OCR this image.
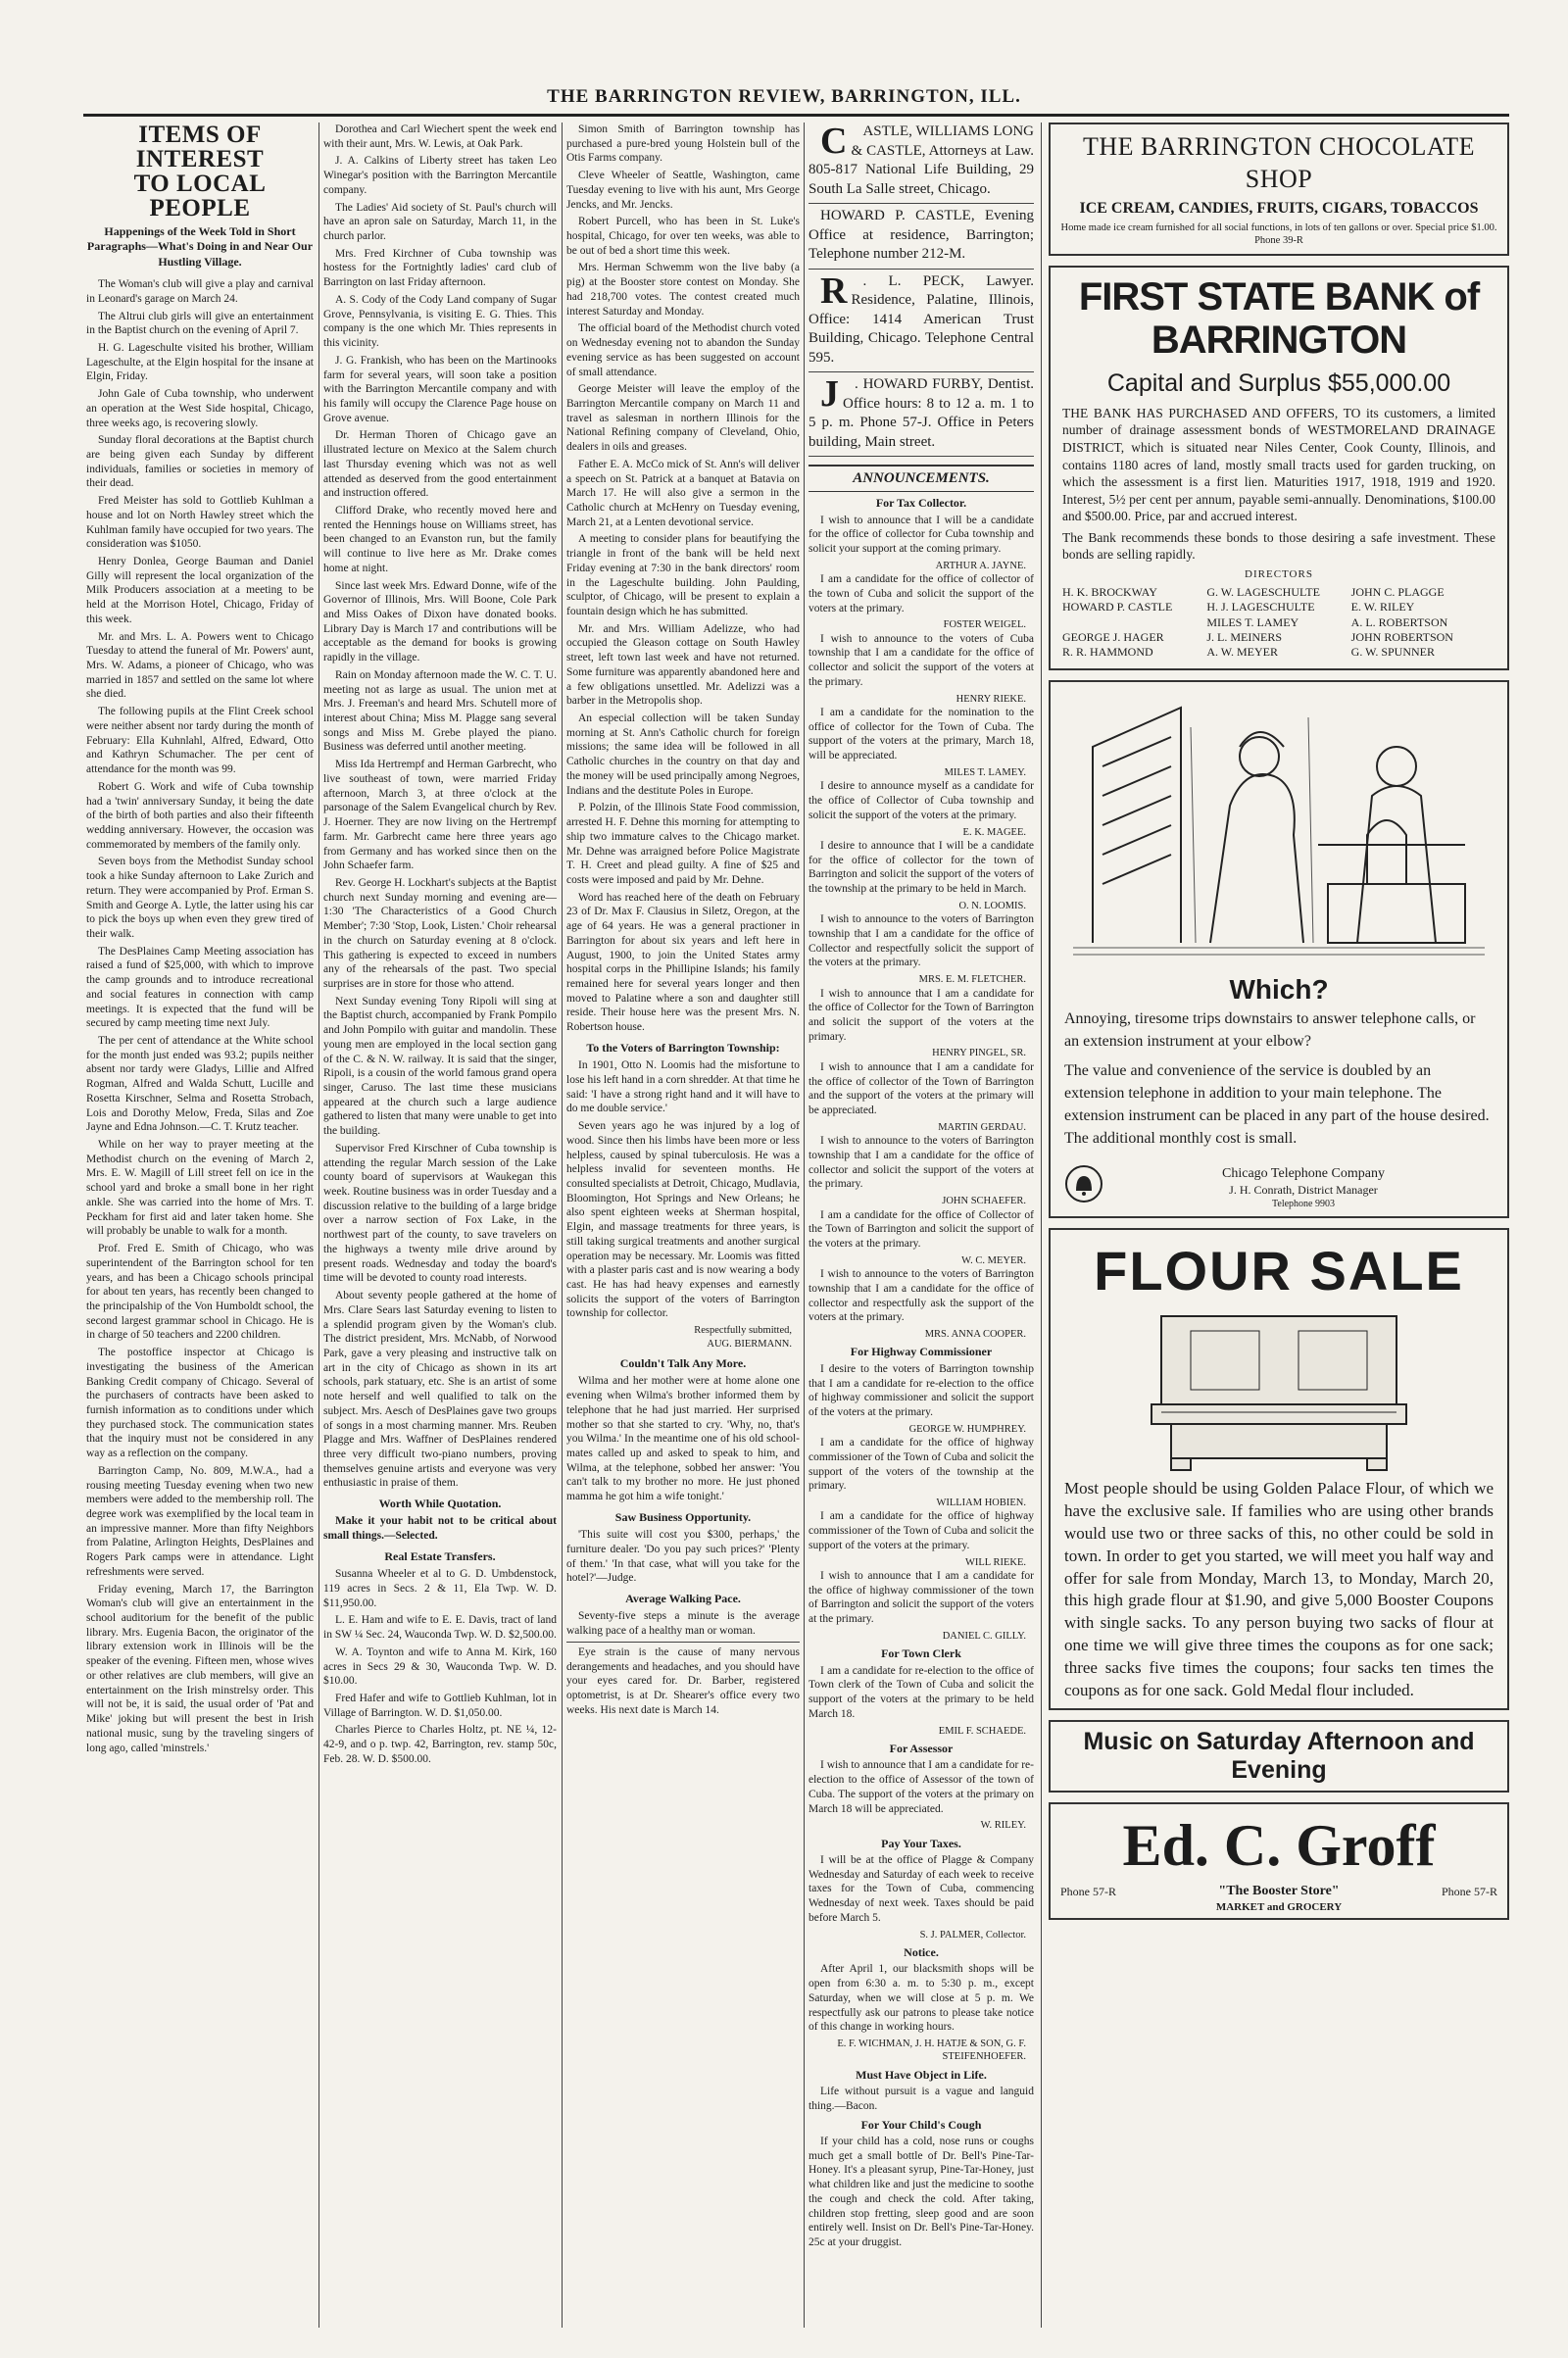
THE BARRINGTON REVIEW, BARRINGTON, ILL.
ITEMS OF INTEREST
TO LOCAL PEOPLE
Happenings of the Week Told in Short Paragraphs—What's Doing in and Near Our Hustling Village.

The Woman's club will give a play and carnival in Leonard's garage on March 24.

The Altrui club girls will give an entertainment in the Baptist church on the evening of April 7.

H. G. Lageschulte visited his brother, William Lageschulte, at the Elgin hospital for the insane at Elgin, Friday.

John Gale of Cuba township, who underwent an operation at the West Side hospital, Chicago, three weeks ago, is recovering slowly.

Sunday floral decorations at the Baptist church are being given each Sunday by different individuals, families or societies in memory of their dead.

Fred Meister has sold to Gottlieb Kuhlman a house and lot on North Hawley street which the Kuhlman family have occupied for two years. The consideration was $1050.

Henry Donlea, George Bauman and Daniel Gilly will represent the local organization of the Milk Producers association at a meeting to be held at the Morrison Hotel, Chicago, Friday of this week.

Mr. and Mrs. L. A. Powers went to Chicago Tuesday to attend the funeral of Mr. Powers' aunt, Mrs. W. Adams, a pioneer of Chicago, who was married in 1857 and settled on the same lot where she died.

The following pupils at the Flint Creek school were neither absent nor tardy during the month of February: Ella Kuhnlahl, Alfred, Edward, Otto and Kathryn Schumacher. The per cent of attendance for the month was 99.

Robert G. Work and wife of Cuba township had a 'twin' anniversary Sunday, it being the date of the birth of both parties and also their fifteenth wedding anniversary. However, the occasion was commemorated by members of the family only.

Seven boys from the Methodist Sunday school took a hike Sunday afternoon to Lake Zurich and return. They were accompanied by Prof. Erman S. Smith and George A. Lytle, the latter using his car to pick the boys up when even they grew tired of their walk.

The DesPlaines Camp Meeting association has raised a fund of $25,000, with which to improve the camp grounds and to introduce recreational and social features in connection with camp meetings. It is expected that the fund will be secured by camp meeting time next July.

The per cent of attendance at the White school for the month just ended was 93.2; pupils neither absent nor tardy were Gladys, Lillie and Alfred Rogman, Alfred and Walda Schutt, Lucille and Rosetta Kirschner, Selma and Rosetta Strobach, Lois and Dorothy Melow, Freda, Silas and Zoe Jayne and Edna Johnson.—C. T. Krutz teacher.

While on her way to prayer meeting at the Methodist church on the evening of March 2, Mrs. E. W. Magill of Lill street fell on ice in the school yard and broke a small bone in her right ankle. She was carried into the home of Mrs. T. Peckham for first aid and later taken home. She will probably be unable to walk for a month.

Prof. Fred E. Smith of Chicago, who was superintendent of the Barrington school for ten years, and has been a Chicago schools principal for about ten years, has recently been changed to the principalship of the Von Humboldt school, the second largest grammar school in Chicago. He is in charge of 50 teachers and 2200 children.

The postoffice inspector at Chicago is investigating the business of the American Banking Credit company of Chicago. Several of the purchasers of contracts have been asked to furnish information as to conditions under which they purchased stock. The communication states that the inquiry must not be considered in any way as a reflection on the company.

Barrington Camp, No. 809, M.W.A., had a rousing meeting Tuesday evening when two new members were added to the membership roll. The degree work was exemplified by the local team in an impressive manner. More than fifty Neighbors from Palatine, Arlington Heights, DesPlaines and Rogers Park camps were in attendance. Light refreshments were served.

Friday evening, March 17, the Barrington Woman's club will give an entertainment in the school auditorium for the benefit of the public library. Mrs. Eugenia Bacon, the originator of the library extension work in Illinois will be the speaker of the evening. Fifteen men, whose wives or other relatives are club members, will give an entertainment on the Irish minstrelsy order. This will not be, it is said, the usual order of 'Pat and Mike' joking but will present the best in Irish national music, sung by the traveling singers of long ago, called 'minstrels.'

Dorothea and Carl Wiechert spent the week end with their aunt, Mrs. W. Lewis, at Oak Park.

J. A. Calkins of Liberty street has taken Leo Winegar's position with the Barrington Mercantile company.

The Ladies' Aid society of St. Paul's church will have an apron sale on Saturday, March 11, in the church parlor.

Mrs. Fred Kirchner of Cuba township was hostess for the Fortnightly ladies' card club of Barrington on last Friday afternoon.

A. S. Cody of the Cody Land company of Sugar Grove, Pennsylvania, is visiting E. G. Thies. This company is the one which Mr. Thies represents in this vicinity.

J. G. Frankish, who has been on the Martinooks farm for several years, will soon take a position with the Barrington Mercantile company and with his family will occupy the Clarence Page house on Grove avenue.

Dr. Herman Thoren of Chicago gave an illustrated lecture on Mexico at the Salem church last Thursday evening which was not as well attended as deserved from the good entertainment and instruction offered.

Clifford Drake, who recently moved here and rented the Hennings house on Williams street, has been changed to an Evanston run, but the family will continue to live here as Mr. Drake comes home at night.

Since last week Mrs. Edward Donne, wife of the Governor of Illinois, Mrs. Will Boone, Cole Park and Miss Oakes of Dixon have donated books. Library Day is March 17 and contributions will be acceptable as the demand for books is growing rapidly in the village.

Rain on Monday afternoon made the W. C. T. U. meeting not as large as usual. The union met at Mrs. J. Freeman's and heard Mrs. Schutell more of interest about China; Miss M. Plagge sang several songs and Miss M. Grebe played the piano. Business was deferred until another meeting.

Miss Ida Hertrempf and Herman Garbrecht, who live southeast of town, were married Friday afternoon, March 3, at three o'clock at the parsonage of the Salem Evangelical church by Rev. J. Hoerner. They are now living on the Hertrempf farm. Mr. Garbrecht came here three years ago from Germany and has worked since then on the John Schaefer farm.

Rev. George H. Lockhart's subjects at the Baptist church next Sunday morning and evening are—1:30 'The Characteristics of a Good Church Member'; 7:30 'Stop, Look, Listen.' Choir rehearsal in the church on Saturday evening at 8 o'clock. This gathering is expected to exceed in numbers any of the rehearsals of the past. Two special surprises are in store for those who attend.

Next Sunday evening Tony Ripoli will sing at the Baptist church, accompanied by Frank Pompilo and John Pompilo with guitar and mandolin. These young men are employed in the local section gang of the C. & N. W. railway. It is said that the singer, Ripoli, is a cousin of the world famous grand opera singer, Caruso. The last time these musicians appeared at the church such a large audience gathered to listen that many were unable to get into the building.

Supervisor Fred Kirschner of Cuba township is attending the regular March session of the Lake county board of supervisors at Waukegan this week. Routine business was in order Tuesday and a discussion relative to the building of a large bridge over a narrow section of Fox Lake, in the northwest part of the county, to save travelers on the highways a twenty mile drive around by present roads. Wednesday and today the board's time will be devoted to county road interests.

About seventy people gathered at the home of Mrs. Clare Sears last Saturday evening to listen to a splendid program given by the Woman's club. The district president, Mrs. McNabb, of Norwood Park, gave a very pleasing and instructive talk on art in the city of Chicago as shown in its art schools, park statuary, etc. She is an artist of some note herself and well qualified to talk on the subject. Mrs. Aesch of DesPlaines gave two groups of songs in a most charming manner. Mrs. Reuben Plagge and Mrs. Waffner of DesPlaines rendered three very difficult two-piano numbers, proving themselves genuine artists and everyone was very enthusiastic in praise of them.

Worth While Quotation.

Make it your habit not to be critical about small things.—Selected.

Real Estate Transfers.

Susanna Wheeler et al to G. D. Umbdenstock, 119 acres in Secs. 2 & 11, Ela Twp. W. D. $11,950.00.

L. E. Ham and wife to E. E. Davis, tract of land in SW ¼ Sec. 24, Wauconda Twp. W. D. $2,500.00.

W. A. Toynton and wife to Anna M. Kirk, 160 acres in Secs 29 & 30, Wauconda Twp. W. D. $10.00.

Fred Hafer and wife to Gottlieb Kuhlman, lot in Village of Barrington. W. D. $1,050.00.

Charles Pierce to Charles Holtz, pt. NE ¼, 12-42-9, and o p. twp. 42, Barrington, rev. stamp 50c, Feb. 28. W. D. $500.00.

Simon Smith of Barrington township has purchased a pure-bred young Holstein bull of the Otis Farms company.

Cleve Wheeler of Seattle, Washington, came Tuesday evening to live with his aunt, Mrs George Jencks, and Mr. Jencks.

Robert Purcell, who has been in St. Luke's hospital, Chicago, for over ten weeks, was able to be out of bed a short time this week.

Mrs. Herman Schwemm won the live baby (a pig) at the Booster store contest on Monday. She had 218,700 votes. The contest created much interest Saturday and Monday.

The official board of the Methodist church voted on Wednesday evening not to abandon the Sunday evening service as has been suggested on account of small attendance.

George Meister will leave the employ of the Barrington Mercantile company on March 11 and travel as salesman in northern Illinois for the National Refining company of Cleveland, Ohio, dealers in oils and greases.

Father E. A. McCo mick of St. Ann's will deliver a speech on St. Patrick at a banquet at Batavia on March 17. He will also give a sermon in the Catholic church at McHenry on Tuesday evening, March 21, at a Lenten devotional service.

A meeting to consider plans for beautifying the triangle in front of the bank will be held next Friday evening at 7:30 in the bank directors' room in the Lageschulte building. John Paulding, sculptor, of Chicago, will be present to explain a fountain design which he has submitted.

Mr. and Mrs. William Adelizze, who had occupied the Gleason cottage on South Hawley street, left town last week and have not returned. Some furniture was apparently abandoned here and a few obligations unsettled. Mr. Adelizzi was a barber in the Metropolis shop.

An especial collection will be taken Sunday morning at St. Ann's Catholic church for foreign missions; the same idea will be followed in all Catholic churches in the country on that day and the money will be used principally among Negroes, Indians and the destitute Poles in Europe.

P. Polzin, of the Illinois State Food commission, arrested H. F. Dehne this morning for attempting to ship two immature calves to the Chicago market. Mr. Dehne was arraigned before Police Magistrate T. H. Creet and plead guilty. A fine of $25 and costs were imposed and paid by Mr. Dehne.

Word has reached here of the death on February 23 of Dr. Max F. Clausius in Siletz, Oregon, at the age of 64 years. He was a general practioner in Barrington for about six years and left here in August, 1900, to join the United States army hospital corps in the Phillipine Islands; his family remained here for several years longer and then moved to Palatine where a son and daughter still reside. Their house here was the present Mrs. N. Robertson house.

To the Voters of Barrington Township:

In 1901, Otto N. Loomis had the misfortune to lose his left hand in a corn shredder. At that time he said: 'I have a strong right hand and it will have to do me double service.'

Seven years ago he was injured by a log of wood. Since then his limbs have been more or less helpless, caused by spinal tuberculosis. He was a helpless invalid for seventeen months. He consulted specialists at Detroit, Chicago, Mudlavia, Bloomington, Hot Springs and New Orleans; he also spent eighteen weeks at Sherman hospital, Elgin, and massage treatments for three years, is still taking surgical treatments and another surgical operation may be necessary. Mr. Loomis was fitted with a plaster paris cast and is now wearing a body cast. He has had heavy expenses and earnestly solicits the support of the voters of Barrington township for collector.

Respectfully submitted,
AUG. BIERMANN.
Couldn't Talk Any More.

Wilma and her mother were at home alone one evening when Wilma's brother informed them by telephone that he had just married. Her surprised mother so that she started to cry. 'Why, no, that's you Wilma.' In the meantime one of his old school-mates called up and asked to speak to him, and Wilma, at the telephone, sobbed her answer: 'You can't talk to my brother no more. He just phoned mamma he got him a wife tonight.'

Saw Business Opportunity.

'This suite will cost you $300, perhaps,' the furniture dealer. 'Do you pay such prices?' 'Plenty of them.' 'In that case, what will you take for the hotel?'—Judge.

Average Walking Pace.

Seventy-five steps a minute is the average walking pace of a healthy man or woman.

Eye strain is the cause of many nervous derangements and headaches, and you should have your eyes cared for. Dr. Barber, registered optometrist, is at Dr. Shearer's office every two weeks. His next date is March 14.

C ASTLE, WILLIAMS LONG & CASTLE, Attorneys at Law. 805-817 National Life Building, 29 South La Salle street, Chicago.

HOWARD P. CASTLE, Evening Office at residence, Barrington; Telephone number 212-M.

R . L. PECK, Lawyer. Residence, Palatine, Illinois, Office: 1414 American Trust Building, Chicago. Telephone Central 595.

J . HOWARD FURBY, Dentist. Office hours: 8 to 12 a. m. 1 to 5 p. m. Phone 57-J. Office in Peters building, Main street.

ANNOUNCEMENTS.
For Tax Collector.

I wish to announce that I will be a candidate for the office of collector for Cuba township and solicit your support at the coming primary.

ARTHUR A. JAYNE.

I am a candidate for the office of collector of the town of Cuba and solicit the support of the voters at the primary.

FOSTER WEIGEL.

I wish to announce to the voters of Cuba township that I am a candidate for the office of collector and solicit the support of the voters at the primary.

HENRY RIEKE.

I am a candidate for the nomination to the office of collector for the Town of Cuba. The support of the voters at the primary, March 18, will be appreciated.

MILES T. LAMEY.

I desire to announce myself as a candidate for the office of Collector of Cuba township and solicit the support of the voters at the primary.

E. K. MAGEE.

I desire to announce that I will be a candidate for the office of collector for the town of Barrington and solicit the support of the voters of the township at the primary to be held in March.

O. N. LOOMIS.

I wish to announce to the voters of Barrington township that I am a candidate for the office of Collector and respectfully solicit the support of the voters at the primary.

MRS. E. M. FLETCHER.

I wish to announce that I am a candidate for the office of Collector for the Town of Barrington and solicit the support of the voters at the primary.

HENRY PINGEL, SR.

I wish to announce that I am a candidate for the office of collector of the Town of Barrington and the support of the voters at the primary will be appreciated.

MARTIN GERDAU.

I wish to announce to the voters of Barrington township that I am a candidate for the office of collector and solicit the support of the voters at the primary.

JOHN SCHAEFER.

I am a candidate for the office of Collector of the Town of Barrington and solicit the support of the voters at the primary.

W. C. MEYER.

I wish to announce to the voters of Barrington township that I am a candidate for the office of collector and respectfully ask the support of the voters at the primary.

MRS. ANNA COOPER.
For Highway Commissioner

I desire to the voters of Barrington township that I am a candidate for re-election to the office of highway commissioner and solicit the support of the voters at the primary.

GEORGE W. HUMPHREY.

I am a candidate for the office of highway commissioner of the Town of Cuba and solicit the support of the voters of the township at the primary.

WILLIAM HOBIEN.

I am a candidate for the office of highway commissioner of the Town of Cuba and solicit the support of the voters at the primary.

WILL RIEKE.

I wish to announce that I am a candidate for the office of highway commissioner of the town of Barrington and solicit the support of the voters at the primary.

DANIEL C. GILLY.
For Town Clerk

I am a candidate for re-election to the office of Town clerk of the Town of Cuba and solicit the support of the voters at the primary to be held March 18.

EMIL F. SCHAEDE.
For Assessor

I wish to announce that I am a candidate for re-election to the office of Assessor of the town of Cuba. The support of the voters at the primary on March 18 will be appreciated.

W. RILEY.
Pay Your Taxes.

I will be at the office of Plagge & Company Wednesday and Saturday of each week to receive taxes for the Town of Cuba, commencing Wednesday of next week. Taxes should be paid before March 5.

S. J. PALMER, Collector.
Notice.

After April 1, our blacksmith shops will be open from 6:30 a. m. to 5:30 p. m., except Saturday, when we will close at 5 p. m. We respectfully ask our patrons to please take notice of this change in working hours.

E. F. WICHMAN, J. H. HATJE & SON, G. F. STEIFENHOEFER.
Must Have Object in Life.

Life without pursuit is a vague and languid thing.—Bacon.

For Your Child's Cough

If your child has a cold, nose runs or coughs much get a small bottle of Dr. Bell's Pine-Tar-Honey. It's a pleasant syrup, Pine-Tar-Honey, just what children like and just the medicine to soothe the cough and check the cold. After taking, children stop fretting, sleep good and are soon entirely well. Insist on Dr. Bell's Pine-Tar-Honey. 25c at your druggist.

THE BARRINGTON CHOCOLATE SHOP
ICE CREAM, CANDIES, FRUITS, CIGARS, TOBACCOS
Home made ice cream furnished for all social functions, in lots of ten gallons or over. Special price $1.00. Phone 39-R
FIRST STATE BANK of BARRINGTON
Capital and Surplus $55,000.00
THE BANK HAS PURCHASED AND OFFERS, TO its customers, a limited number of drainage assessment bonds of WESTMORELAND DRAINAGE DISTRICT, which is situated near Niles Center, Cook County, Illinois, and contains 1180 acres of land, mostly small tracts used for garden trucking, on which the assessment is a first lien. Maturities 1917, 1918, 1919 and 1920. Interest, 5½ per cent per annum, payable semi-annually. Denominations, $100.00 and $500.00. Price, par and accrued interest.
The Bank recommends these bonds to those desiring a safe investment. These bonds are selling rapidly.
DIRECTORS
H. K. BROCKWAY	G. W. LAGESCHULTE	JOHN C. PLAGGE
HOWARD P. CASTLE	H. J. LAGESCHULTE	E. W. RILEY
MILES T. LAMEY	A. L. ROBERTSON
GEORGE J. HAGER	J. L. MEINERS	JOHN ROBERTSON
R. R. HAMMOND	A. W. MEYER	G. W. SPUNNER
Which?
Annoying, tiresome trips downstairs to answer telephone calls, or an extension instrument at your elbow?
The value and convenience of the service is doubled by an extension telephone in addition to your main telephone. The extension instrument can be placed in any part of the house desired. The additional monthly cost is small.
Chicago Telephone Company
J. H. Conrath, District Manager
Telephone 9903
FLOUR SALE
Most people should be using Golden Palace Flour, of which we have the exclusive sale. If families who are using other brands would use two or three sacks of this, no other could be sold in town. In order to get you started, we will meet you half way and offer for sale from Monday, March 13, to Monday, March 20, this high grade flour at $1.90, and give 5,000 Booster Coupons with single sacks. To any person buying two sacks of flour at one time we will give three times the coupons as for one sack; three sacks five times the coupons; four sacks ten times the coupons as for one sack. Gold Medal flour included.
Music on Saturday Afternoon and Evening
Ed. C. Groff
Phone 57-R	"The Booster Store"	Phone 57-R
MARKET and GROCERY
